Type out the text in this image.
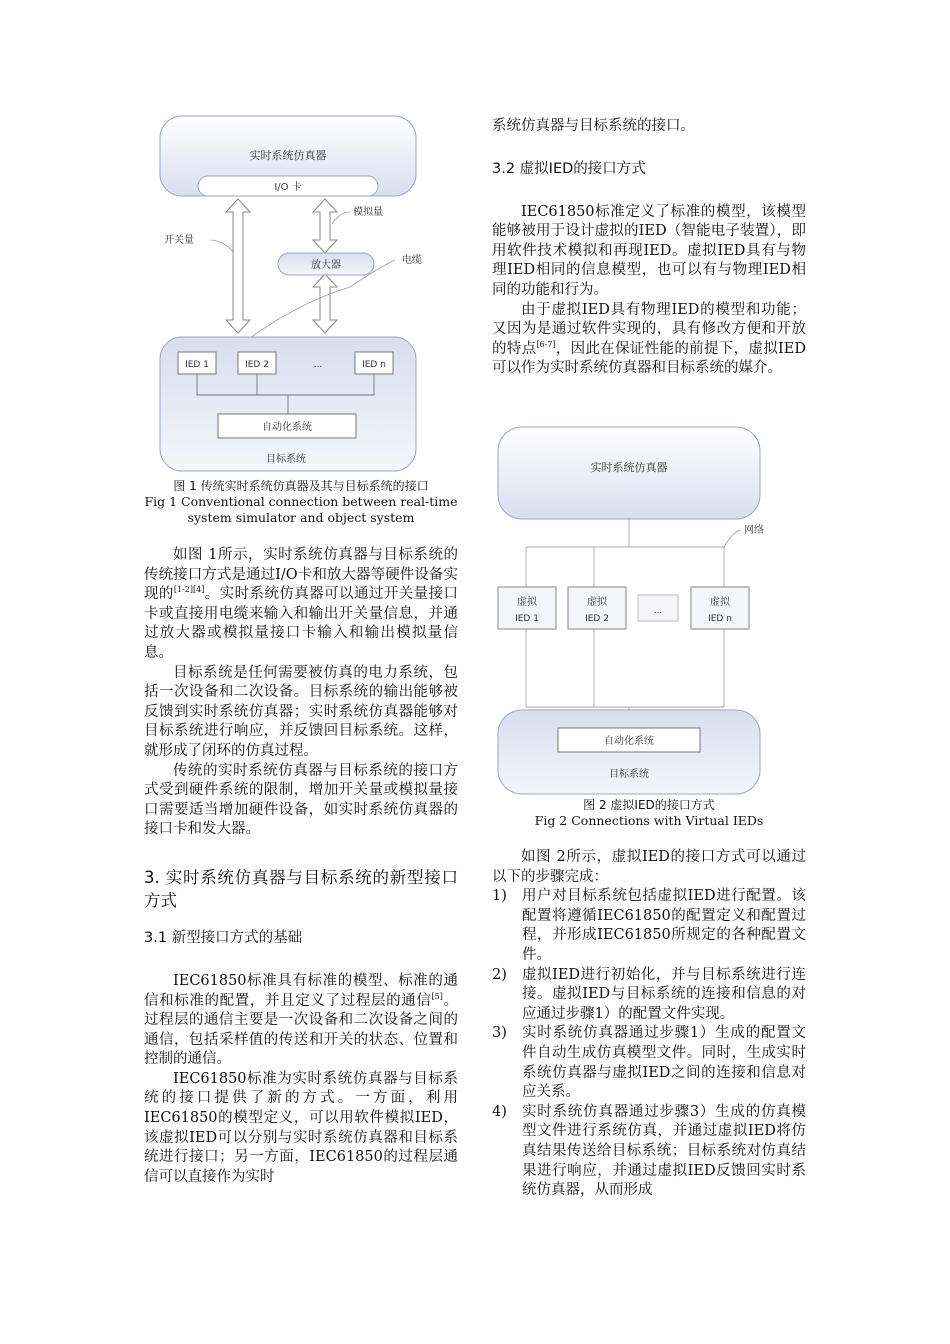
实时系统仿真器
I/O 卡
放大器
开关量
模拟量
电缆
IED 1	IED 2	...	IED n
自动化系统
目标系统
图 1 传统实时系统仿真器及其与目标系统的接口
Fig 1 Conventional connection between real-time
system simulator and object system

如图 1所示，实时系统仿真器与目标系统的传统接口方式是通过I/O卡和放大器等硬件设备实现的[1-2][4]。实时系统仿真器可以通过开关量接口卡或直接用电缆来输入和输出开关量信息，并通过放大器或模拟量接口卡输入和输出模拟量信息。

目标系统是任何需要被仿真的电力系统，包括一次设备和二次设备。目标系统的输出能够被反馈到实时系统仿真器；实时系统仿真器能够对目标系统进行响应，并反馈回目标系统。这样，就形成了闭环的仿真过程。

传统的实时系统仿真器与目标系统的接口方式受到硬件系统的限制，增加开关量或模拟量接口需要适当增加硬件设备，如实时系统仿真器的接口卡和发大器。

3. 实时系统仿真器与目标系统的新型接口方式
3.1 新型接口方式的基础

IEC61850标准具有标准的模型、标准的通信和标准的配置，并且定义了过程层的通信[5]。过程层的通信主要是一次设备和二次设备之间的通信，包括采样值的传送和开关的状态、位置和控制的通信。

IEC61850标准为实时系统仿真器与目标系统的接口提供了新的方式。一方面，利用IEC61850的模型定义，可以用软件模拟IED，该虚拟IED可以分别与实时系统仿真器和目标系统进行接口；另一方面，IEC61850的过程层通信可以直接作为实时

系统仿真器与目标系统的接口。

3.2 虚拟IED的接口方式

IEC61850标准定义了标准的模型，该模型能够被用于设计虚拟的IED（智能电子装置），即用软件技术模拟和再现IED。虚拟IED具有与物理IED相同的信息模型，也可以有与物理IED相同的功能和行为。

由于虚拟IED具有物理IED的模型和功能；又因为是通过软件实现的，具有修改方便和开放的特点[6-7]，因此在保证性能的前提下，虚拟IED可以作为实时系统仿真器和目标系统的媒介。

实时系统仿真器
网络
虚拟
IED 1
虚拟
IED 2
...
虚拟
IED n
自动化系统
目标系统
图 2 虚拟IED的接口方式
Fig 2 Connections with Virtual IEDs

如图 2所示，虚拟IED的接口方式可以通过以下的步骤完成：

1) 用户对目标系统包括虚拟IED进行配置。该配置将遵循IEC61850的配置定义和配置过程，并形成IEC61850所规定的各种配置文件。
2) 虚拟IED进行初始化，并与目标系统进行连接。虚拟IED与目标系统的连接和信息的对应通过步骤1）的配置文件实现。
3) 实时系统仿真器通过步骤1）生成的配置文件自动生成仿真模型文件。同时，生成实时系统仿真器与虚拟IED之间的连接和信息对应关系。
4) 实时系统仿真器通过步骤3）生成的仿真模型文件进行系统仿真，并通过虚拟IED将仿真结果传送给目标系统；目标系统对仿真结果进行响应，并通过虚拟IED反馈回实时系统仿真器，从而形成
